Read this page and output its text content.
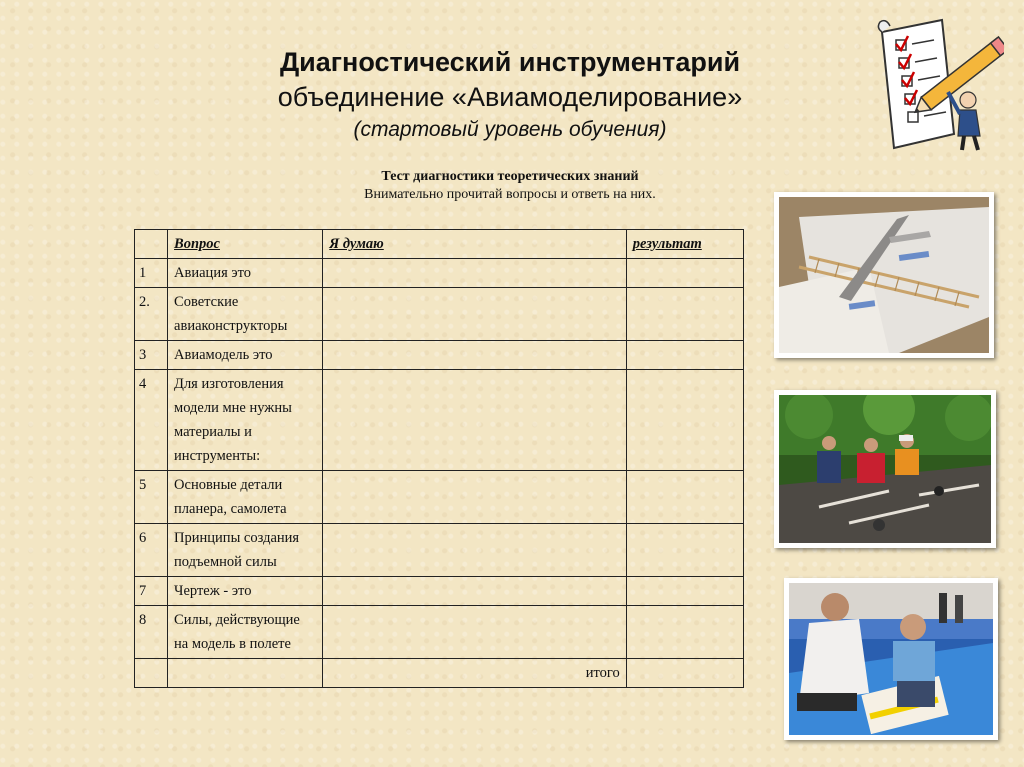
Диагностический инструментарий
объединение «Авиамоделирование»
(стартовый уровень обучения)
Тест диагностики теоретических знаний
Внимательно прочитай вопросы и ответь на них.
	Вопрос	Я думаю	результат
1	Авиация это		
2.	Советские авиаконструкторы		
3	Авиамодель это		
4	Для изготовления модели мне нужны материалы и инструменты:		
5	Основные детали планера, самолета		
6	Принципы создания подъемной силы		
7	Чертеж - это		
8	Силы, действующие на модель в полете		
		итого	
